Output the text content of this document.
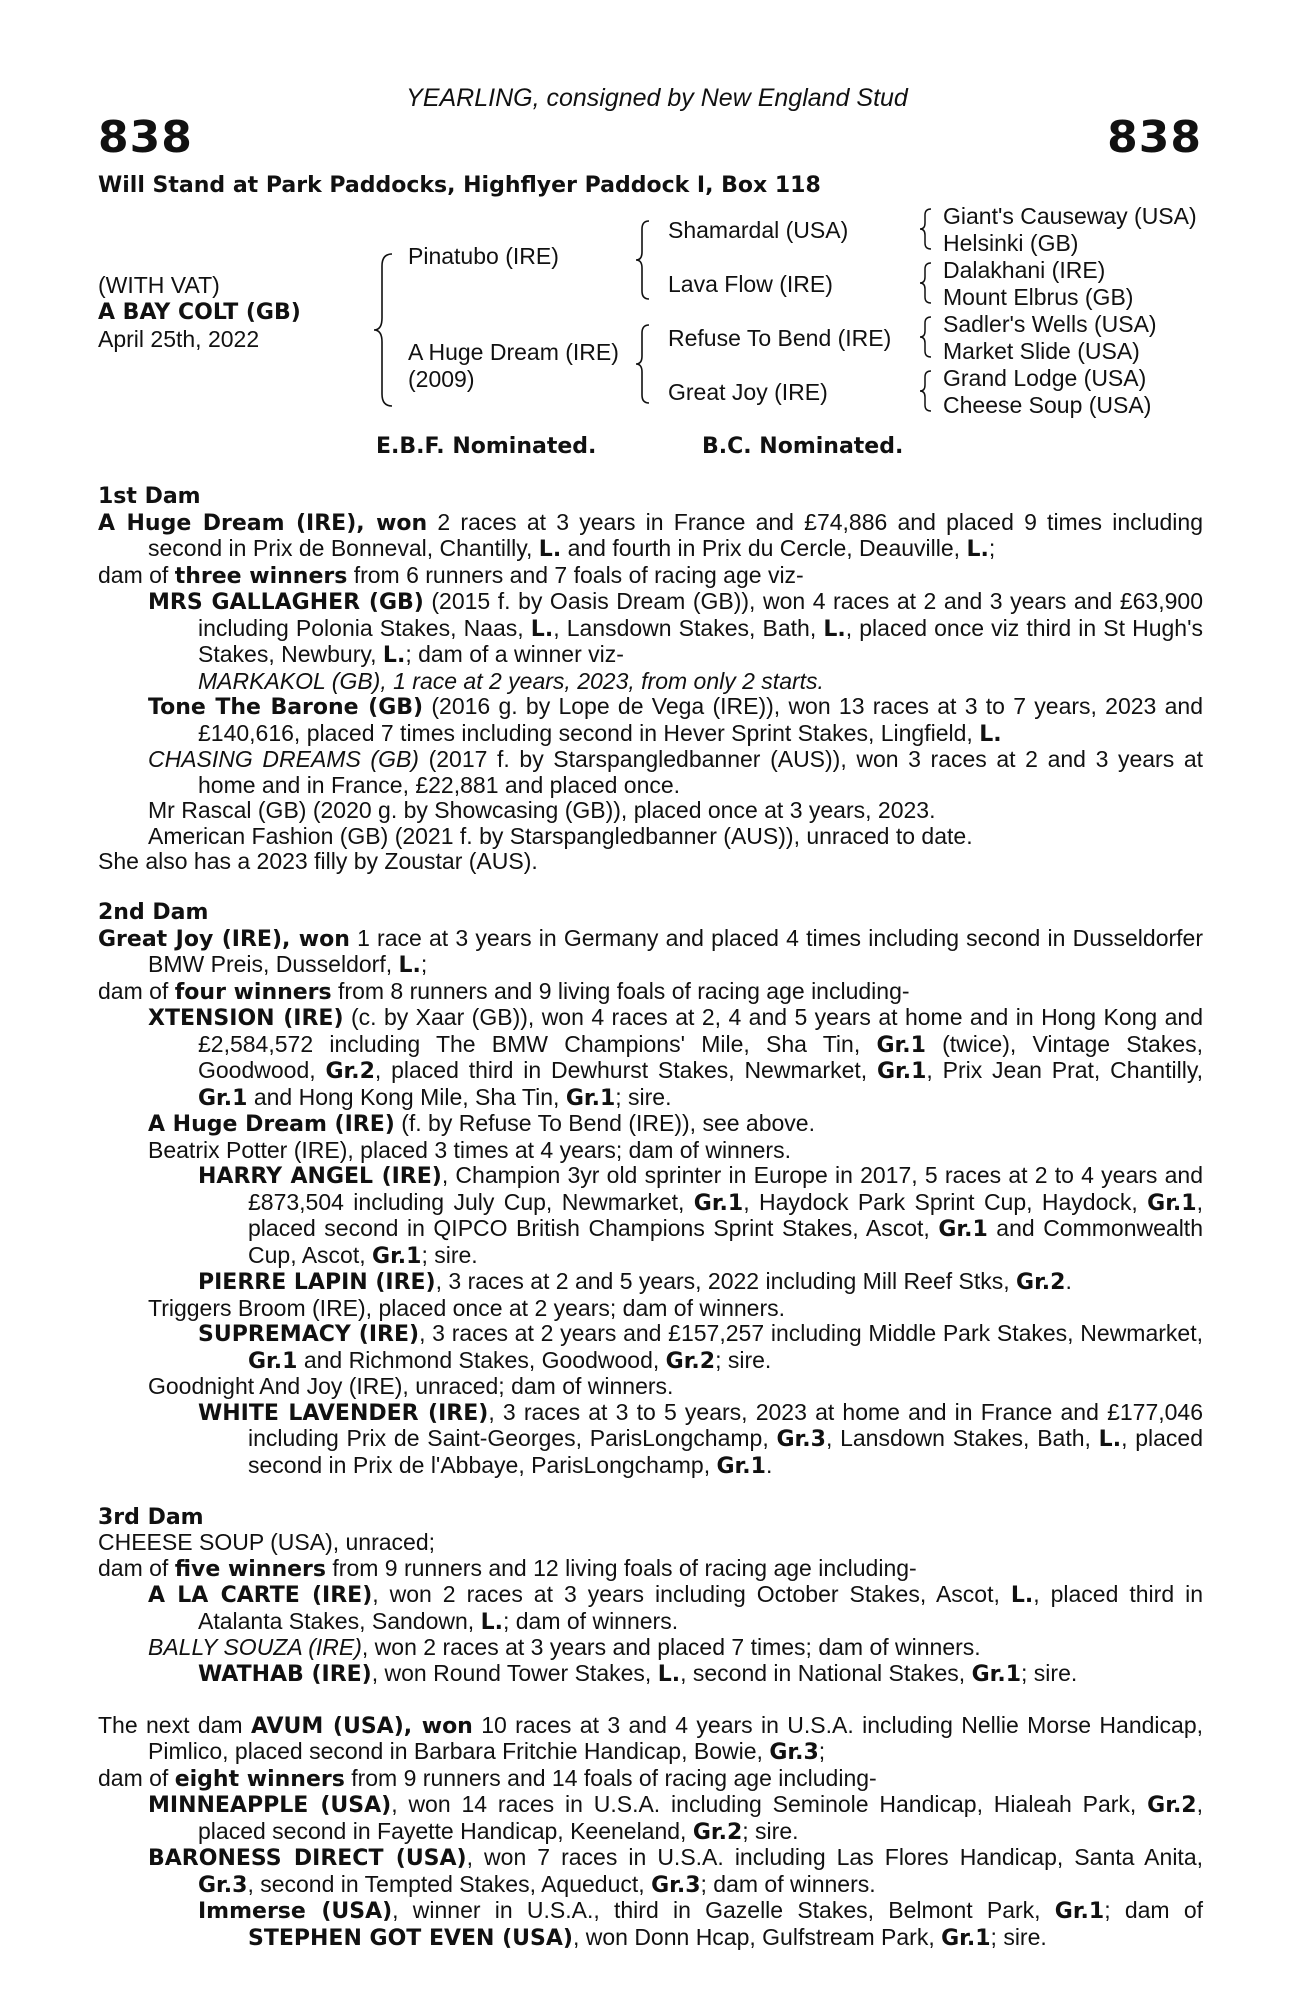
YEARLING, consigned by New England Stud
838	838
Will Stand at Park Paddocks, Highflyer Paddock I, Box 118
(WITH VAT)
A BAY COLT (GB)
April 25th, 2022
Pinatubo (IRE)
A Huge Dream (IRE)
(2009)
Shamardal (USA)
Lava Flow (IRE)
Refuse To Bend (IRE)
Great Joy (IRE)
Giant's Causeway (USA)
Helsinki (GB)
Dalakhani (IRE)
Mount Elbrus (GB)
Sadler's Wells (USA)
Market Slide (USA)
Grand Lodge (USA)
Cheese Soup (USA)
E.B.F. Nominated.	B.C. Nominated.

1st Dam

A Huge Dream (IRE), won 2 races at 3 years in France and £74,886 and placed 9 times including second in Prix de Bonneval, Chantilly, L. and fourth in Prix du Cercle, Deauville, L.;

dam of three winners from 6 runners and 7 foals of racing age viz-

MRS GALLAGHER (GB) (2015 f. by Oasis Dream (GB)), won 4 races at 2 and 3 years and £63,900 including Polonia Stakes, Naas, L., Lansdown Stakes, Bath, L., placed once viz third in St Hugh's Stakes, Newbury, L.; dam of a winner viz-

MARKAKOL (GB), 1 race at 2 years, 2023, from only 2 starts.

Tone The Barone (GB) (2016 g. by Lope de Vega (IRE)), won 13 races at 3 to 7 years, 2023 and £140,616, placed 7 times including second in Hever Sprint Stakes, Lingfield, L.

CHASING DREAMS (GB) (2017 f. by Starspangledbanner (AUS)), won 3 races at 2 and 3 years at home and in France, £22,881 and placed once.

Mr Rascal (GB) (2020 g. by Showcasing (GB)), placed once at 3 years, 2023.

American Fashion (GB) (2021 f. by Starspangledbanner (AUS)), unraced to date.

She also has a 2023 filly by Zoustar (AUS).

2nd Dam

Great Joy (IRE), won 1 race at 3 years in Germany and placed 4 times including second in Dusseldorfer BMW Preis, Dusseldorf, L.;

dam of four winners from 8 runners and 9 living foals of racing age including-

XTENSION (IRE) (c. by Xaar (GB)), won 4 races at 2, 4 and 5 years at home and in Hong Kong and £2,584,572 including The BMW Champions' Mile, Sha Tin, Gr.1 (twice), Vintage Stakes, Goodwood, Gr.2, placed third in Dewhurst Stakes, Newmarket, Gr.1, Prix Jean Prat, Chantilly, Gr.1 and Hong Kong Mile, Sha Tin, Gr.1; sire.

A Huge Dream (IRE) (f. by Refuse To Bend (IRE)), see above.

Beatrix Potter (IRE), placed 3 times at 4 years; dam of winners.

HARRY ANGEL (IRE), Champion 3yr old sprinter in Europe in 2017, 5 races at 2 to 4 years and £873,504 including July Cup, Newmarket, Gr.1, Haydock Park Sprint Cup, Haydock, Gr.1, placed second in QIPCO British Champions Sprint Stakes, Ascot, Gr.1 and Commonwealth Cup, Ascot, Gr.1; sire.

PIERRE LAPIN (IRE), 3 races at 2 and 5 years, 2022 including Mill Reef Stks, Gr.2.

Triggers Broom (IRE), placed once at 2 years; dam of winners.

SUPREMACY (IRE), 3 races at 2 years and £157,257 including Middle Park Stakes, Newmarket, Gr.1 and Richmond Stakes, Goodwood, Gr.2; sire.

Goodnight And Joy (IRE), unraced; dam of winners.

WHITE LAVENDER (IRE), 3 races at 3 to 5 years, 2023 at home and in France and £177,046 including Prix de Saint-Georges, ParisLongchamp, Gr.3, Lansdown Stakes, Bath, L., placed second in Prix de l'Abbaye, ParisLongchamp, Gr.1.

3rd Dam

CHEESE SOUP (USA), unraced;

dam of five winners from 9 runners and 12 living foals of racing age including-

A LA CARTE (IRE), won 2 races at 3 years including October Stakes, Ascot, L., placed third in Atalanta Stakes, Sandown, L.; dam of winners.

BALLY SOUZA (IRE), won 2 races at 3 years and placed 7 times; dam of winners.

WATHAB (IRE), won Round Tower Stakes, L., second in National Stakes, Gr.1; sire.

The next dam AVUM (USA), won 10 races at 3 and 4 years in U.S.A. including Nellie Morse Handicap, Pimlico, placed second in Barbara Fritchie Handicap, Bowie, Gr.3;

dam of eight winners from 9 runners and 14 foals of racing age including-

MINNEAPPLE (USA), won 14 races in U.S.A. including Seminole Handicap, Hialeah Park, Gr.2, placed second in Fayette Handicap, Keeneland, Gr.2; sire.

BARONESS DIRECT (USA), won 7 races in U.S.A. including Las Flores Handicap, Santa Anita, Gr.3, second in Tempted Stakes, Aqueduct, Gr.3; dam of winners.

Immerse (USA), winner in U.S.A., third in Gazelle Stakes, Belmont Park, Gr.1; dam of STEPHEN GOT EVEN (USA), won Donn Hcap, Gulfstream Park, Gr.1; sire.
